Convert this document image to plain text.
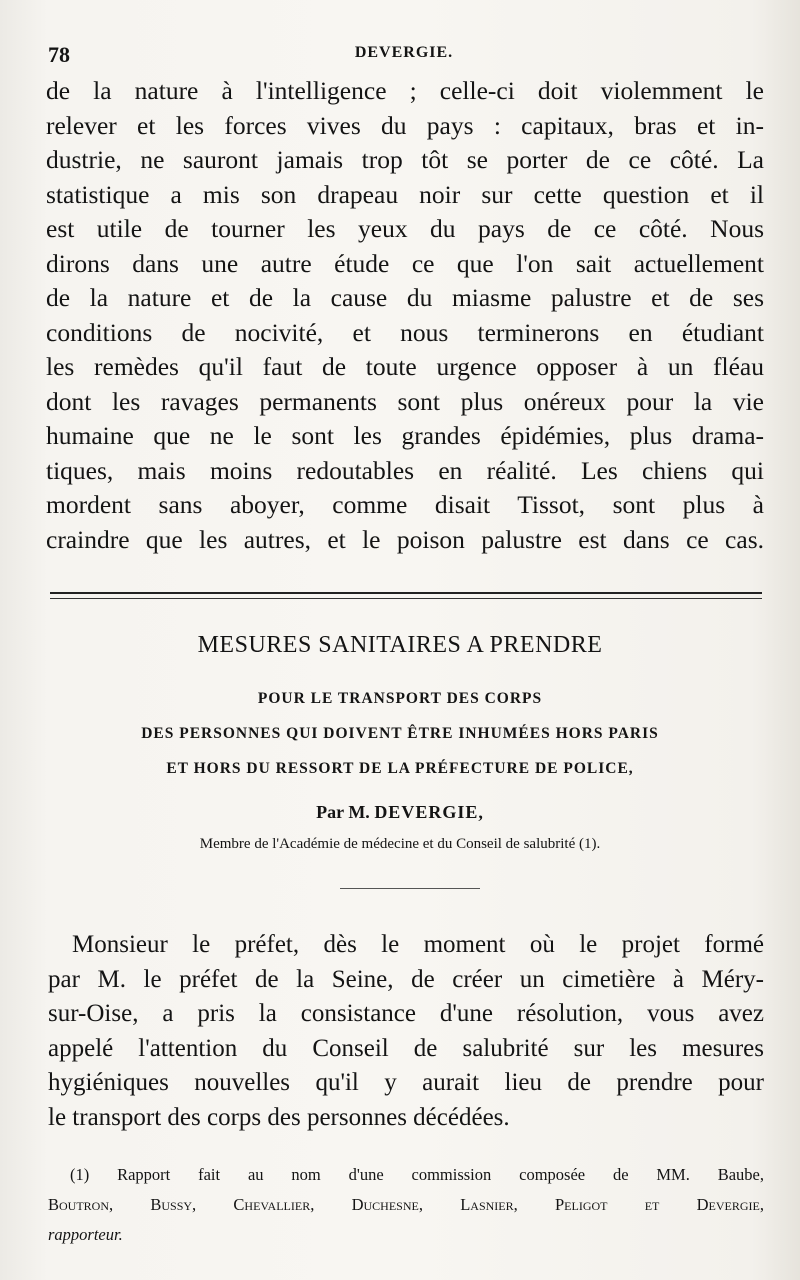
78	DEVERGIE.
de la nature à l'intelligence ; celle-ci doit violemment le
relever et les forces vives du pays : capitaux, bras et in-
dustrie, ne sauront jamais trop tôt se porter de ce côté. La
statistique a mis son drapeau noir sur cette question et il
est utile de tourner les yeux du pays de ce côté. Nous
dirons dans une autre étude ce que l'on sait actuellement
de la nature et de la cause du miasme palustre et de ses
conditions de nocivité, et nous terminerons en étudiant
les remèdes qu'il faut de toute urgence opposer à un fléau
dont les ravages permanents sont plus onéreux pour la vie
humaine que ne le sont les grandes épidémies, plus drama-
tiques, mais moins redoutables en réalité. Les chiens qui
mordent sans aboyer, comme disait Tissot, sont plus à
craindre que les autres, et le poison palustre est dans ce cas.
MESURES SANITAIRES A PRENDRE
POUR LE TRANSPORT DES CORPS
DES PERSONNES QUI DOIVENT ÊTRE INHUMÉES HORS PARIS
ET HORS DU RESSORT DE LA PRÉFECTURE DE POLICE,
Par M. DEVERGIE,
Membre de l'Académie de médecine et du Conseil de salubrité (1).
Monsieur le préfet, dès le moment où le projet formé
par M. le préfet de la Seine, de créer un cimetière à Méry-
sur-Oise, a pris la consistance d'une résolution, vous avez
appelé l'attention du Conseil de salubrité sur les mesures
hygiéniques nouvelles qu'il y aurait lieu de prendre pour
le transport des corps des personnes décédées.
(1) Rapport fait au nom d'une commission composée de MM. Baube,
Boutron, Bussy, Chevallier, Duchesne, Lasnier, Peligot et Devergie,
rapporteur.
